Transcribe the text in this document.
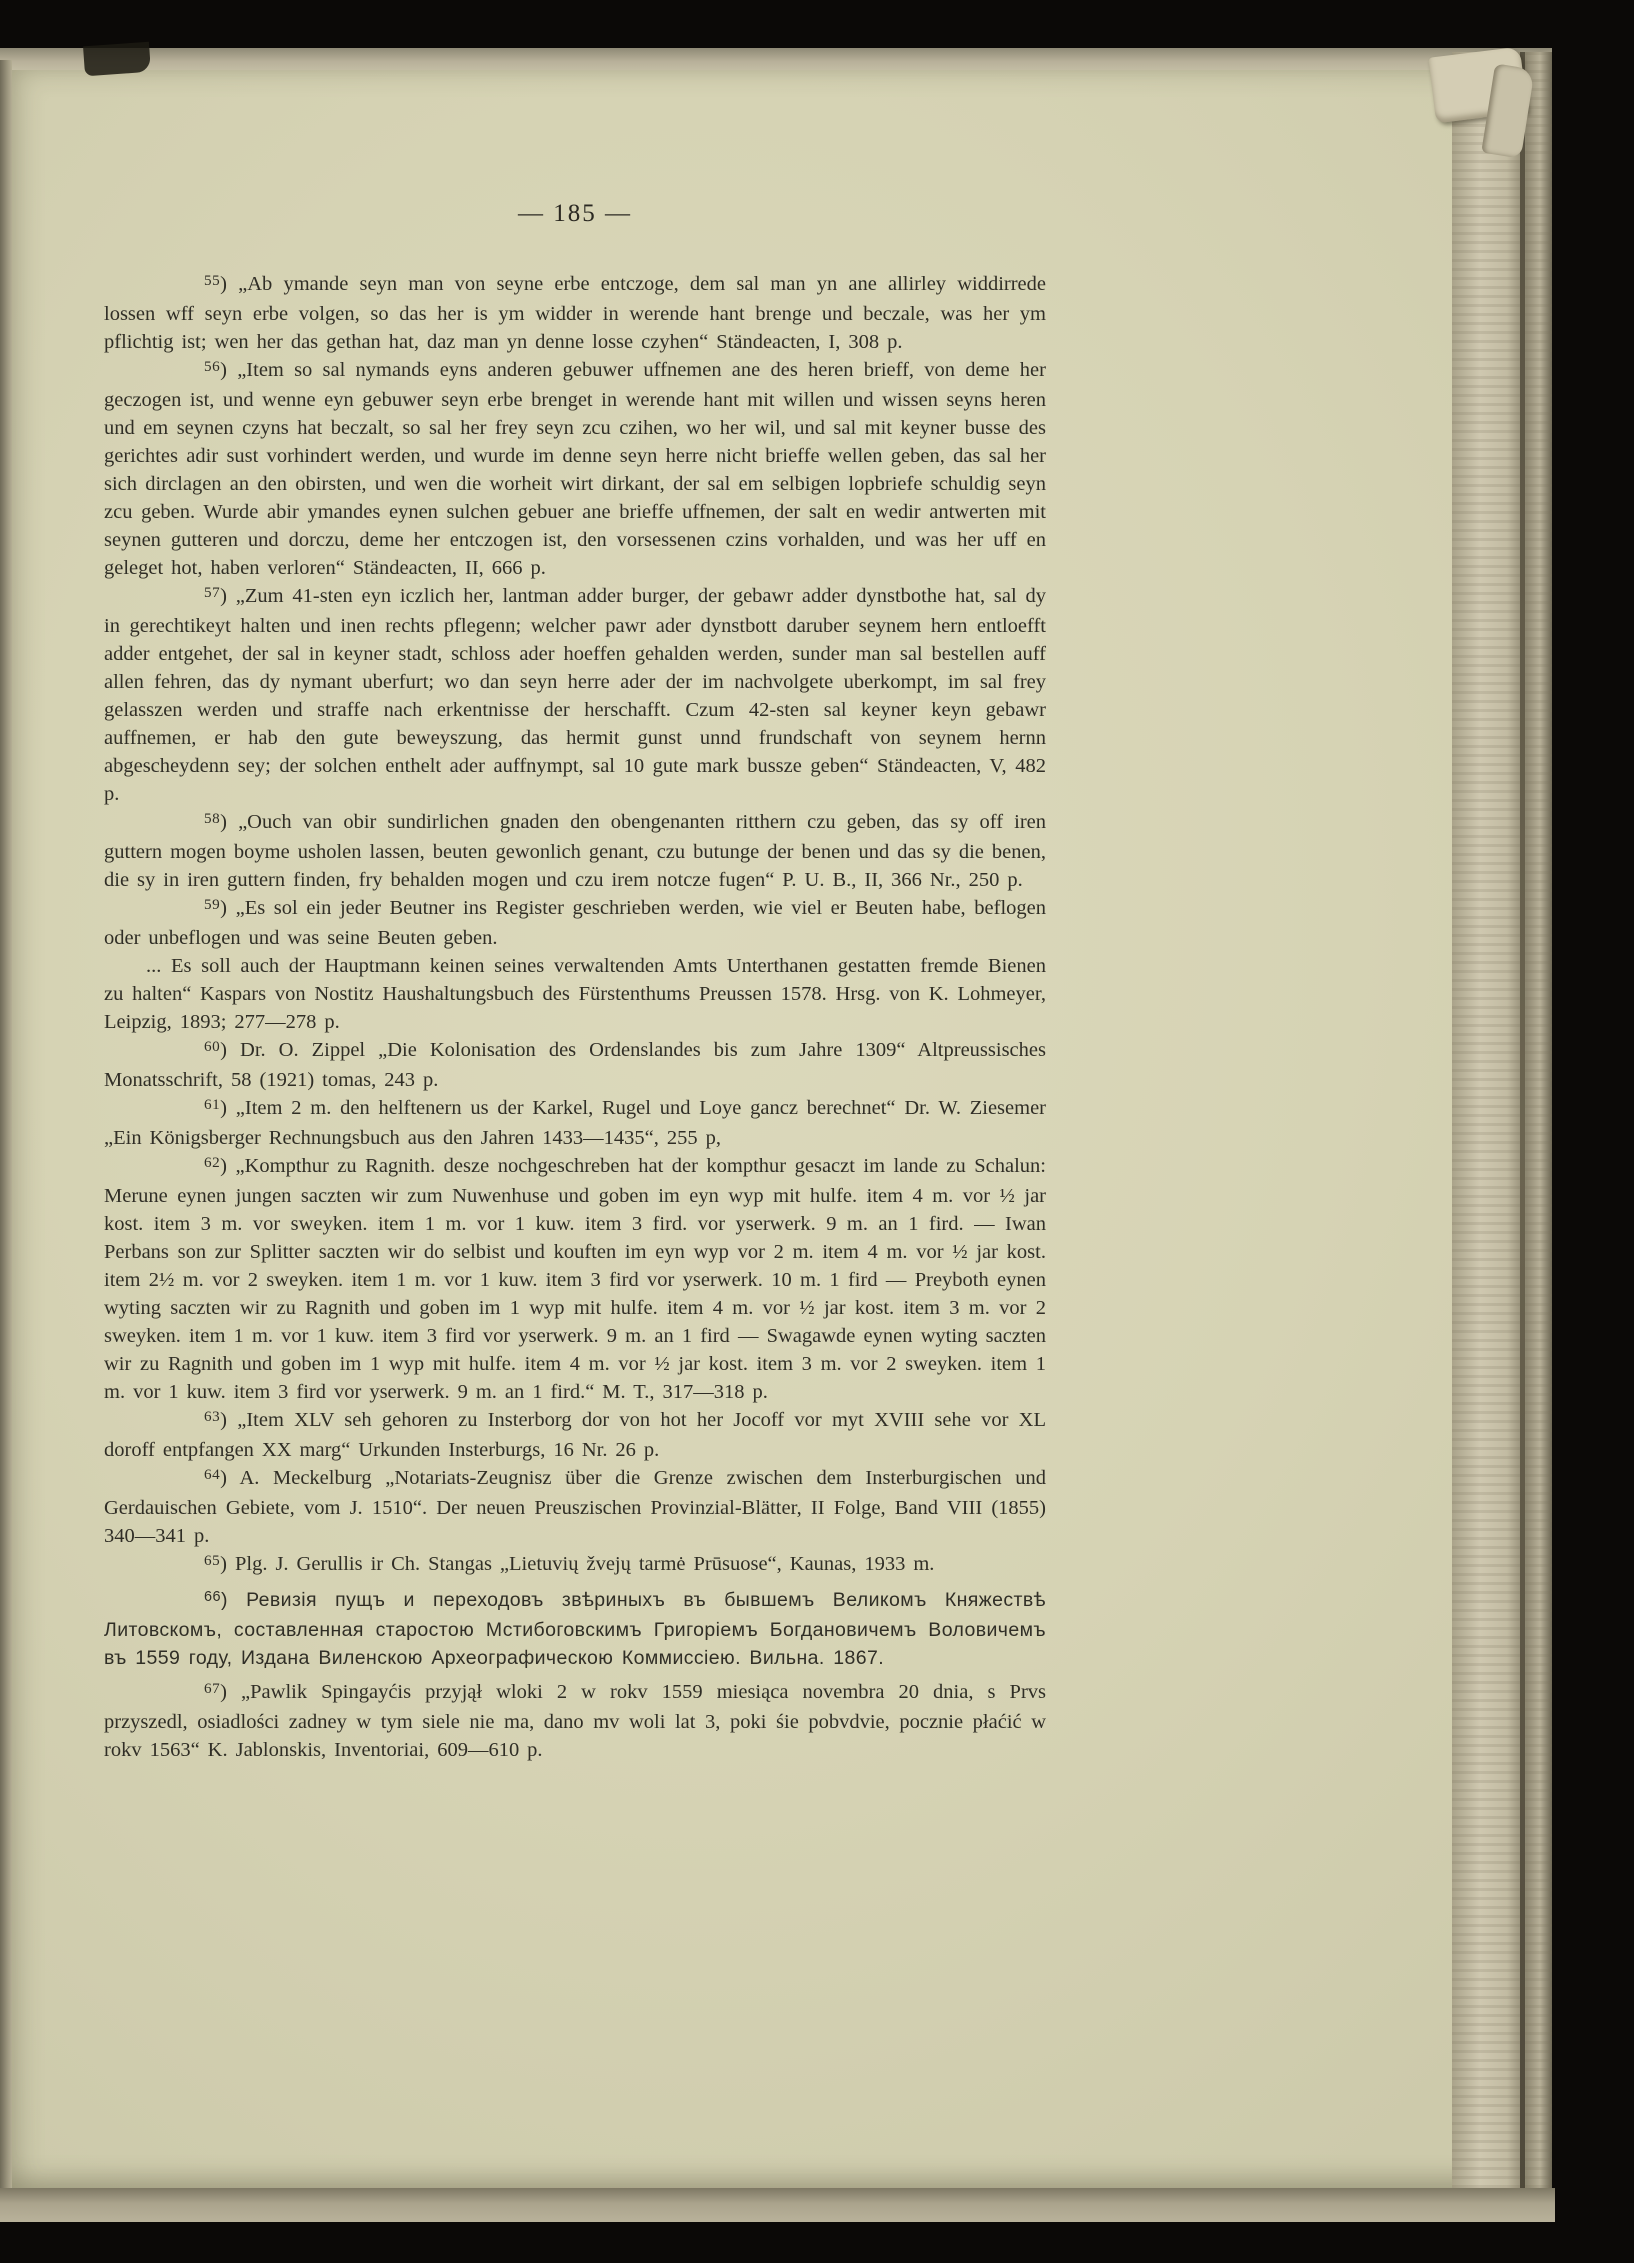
— 185 —

$^{55}$) „Ab ymande seyn man von seyne erbe entczoge, dem sal man yn ane allirley widdirrede lossen wff seyn erbe volgen, so das her is ym widder in werende hant brenge und beczale, was her ym pflichtig ist; wen her das gethan hat, daz man yn denne losse czyhen“ Ständeacten, I, 308 p.

$^{56}$) „Item so sal nymands eyns anderen gebuwer uffnemen ane des heren brieff, von deme her geczogen ist, und wenne eyn gebuwer seyn erbe brenget in werende hant mit willen und wissen seyns heren und em seynen czyns hat beczalt, so sal her frey seyn zcu czihen, wo her wil, und sal mit keyner busse des gerichtes adir sust vorhindert werden, und wurde im denne seyn herre nicht brieffe wellen geben, das sal her sich dirclagen an den obirsten, und wen die worheit wirt dirkant, der sal em selbigen lopbriefe schuldig seyn zcu geben. Wurde abir ymandes eynen sulchen gebuer ane brieffe uffnemen, der salt en wedir antwerten mit seynen gutteren und dorczu, deme her entczogen ist, den vorsessenen czins vorhalden, und was her uff en geleget hot, haben verloren“ Ständeacten, II, 666 p.

$^{57}$) „Zum 41-sten eyn iczlich her, lantman adder burger, der gebawr adder dynstbothe hat, sal dy in gerechtikeyt halten und inen rechts pflegenn; welcher pawr ader dynstbott daruber seynem hern entloefft adder entgehet, der sal in keyner stadt, schloss ader hoeffen gehalden werden, sunder man sal bestellen auff allen fehren, das dy nymant uberfurt; wo dan seyn herre ader der im nachvolgete uberkompt, im sal frey gelasszen werden und straffe nach erkentnisse der herschafft. Czum 42-sten sal keyner keyn gebawr auffnemen, er hab den gute beweyszung, das hermit gunst unnd frundschaft von seynem hernn abgescheydenn sey; der solchen enthelt ader auffnympt, sal 10 gute mark bussze geben“ Ständeacten, V, 482 p.

$^{58}$) „Ouch van obir sundirlichen gnaden den obengenanten ritthern czu geben, das sy off iren guttern mogen boyme usholen lassen, beuten gewonlich genant, czu butunge der benen und das sy die benen, die sy in iren guttern finden, fry behalden mogen und czu irem notcze fugen“ P. U. B., II, 366 Nr., 250 p.

$^{59}$) „Es sol ein jeder Beutner ins Register geschrieben werden, wie viel er Beuten habe, beflogen oder unbeflogen und was seine Beuten geben.

... Es soll auch der Hauptmann keinen seines verwaltenden Amts Unterthanen gestatten fremde Bienen zu halten“ Kaspars von Nostitz Haushaltungsbuch des Fürstenthums Preussen 1578. Hrsg. von K. Lohmeyer, Leipzig, 1893; 277—278 p.

$^{60}$) Dr. O. Zippel „Die Kolonisation des Ordenslandes bis zum Jahre 1309“ Altpreussisches Monatsschrift, 58 (1921) tomas, 243 p.

$^{61}$) „Item 2 m. den helftenern us der Karkel, Rugel und Loye gancz berechnet“ Dr. W. Ziesemer „Ein Königsberger Rechnungsbuch aus den Jahren 1433—1435“, 255 p,

$^{62}$) „Kompthur zu Ragnith. desze nochgeschreben hat der kompthur gesaczt im lande zu Schalun: Merune eynen jungen saczten wir zum Nuwenhuse und goben im eyn wyp mit hulfe. item 4 m. vor ½ jar kost. item 3 m. vor sweyken. item 1 m. vor 1 kuw. item 3 fird. vor yserwerk. 9 m. an 1 fird. — Iwan Perbans son zur Splitter saczten wir do selbist und kouften im eyn wyp vor 2 m. item 4 m. vor ½ jar kost. item 2½ m. vor 2 sweyken. item 1 m. vor 1 kuw. item 3 fird vor yserwerk. 10 m. 1 fird — Preyboth eynen wyting saczten wir zu Ragnith und goben im 1 wyp mit hulfe. item 4 m. vor ½ jar kost. item 3 m. vor 2 sweyken. item 1 m. vor 1 kuw. item 3 fird vor yserwerk. 9 m. an 1 fird — Swagawde eynen wyting saczten wir zu Ragnith und goben im 1 wyp mit hulfe. item 4 m. vor ½ jar kost. item 3 m. vor 2 sweyken. item 1 m. vor 1 kuw. item 3 fird vor yserwerk. 9 m. an 1 fird.“ M. T., 317—318 p.

$^{63}$) „Item XLV seh gehoren zu Insterborg dor von hot her Jocoff vor myt XVIII sehe vor XL doroff entpfangen XX marg“ Urkunden Insterburgs, 16 Nr. 26 p.

$^{64}$) A. Meckelburg „Notariats-Zeugnisz über die Grenze zwischen dem Insterburgischen und Gerdauischen Gebiete, vom J. 1510“. Der neuen Preuszischen Provinzial-Blätter, II Folge, Band VIII (1855) 340—341 p.

$^{65}$) Plg. J. Gerullis ir Ch. Stangas „Lietuvių žvejų tarmė Prūsuose“, Kaunas, 1933 m.

$^{66}$) Ревизія пущъ и переходовъ звѣриныхъ въ бывшемъ Великомъ Княжествѣ Литовскомъ, составленная старостою Мстибоговскимъ Григоріемъ Богдановичемъ Воловичемъ въ 1559 году, Издана Виленскою Археографическою Коммиссіею. Вильна. 1867.

$^{67}$) „Pawlik Spingayćis przyjął wloki 2 w rokv 1559 miesiąca novembra 20 dnia, s Prvs przyszedl, osiadlości zadney w tym siele nie ma, dano mv woli lat 3, poki śie pobvdvie, pocznie płaćić w rokv 1563“ K. Jablonskis, Inventoriai, 609—610 p.
